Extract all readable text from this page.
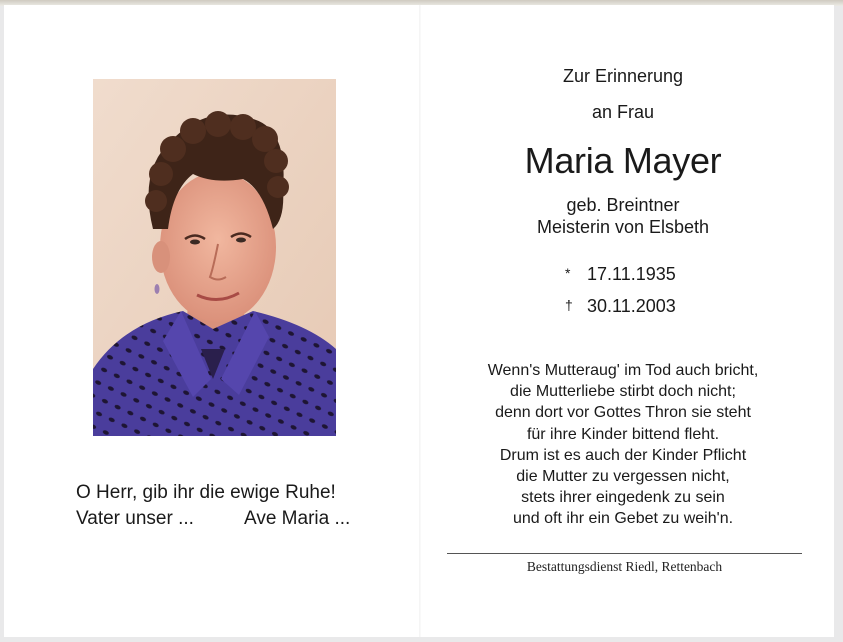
O Herr, gib ihr die ewige Ruhe!
Vater unser ...	Ave Maria ...
Zur Erinnerung
an Frau
Maria Mayer
geb. Breintner
Meisterin von Elsbeth
* 17.11.1935
† 30.11.2003
Wenn's Mutteraug' im Tod auch bricht,
die Mutterliebe stirbt doch nicht;
denn dort vor Gottes Thron sie steht
für ihre Kinder bittend fleht.
Drum ist es auch der Kinder Pflicht
die Mutter zu vergessen nicht,
stets ihrer eingedenk zu sein
und oft ihr ein Gebet zu weih'n.
Bestattungsdienst Riedl, Rettenbach
